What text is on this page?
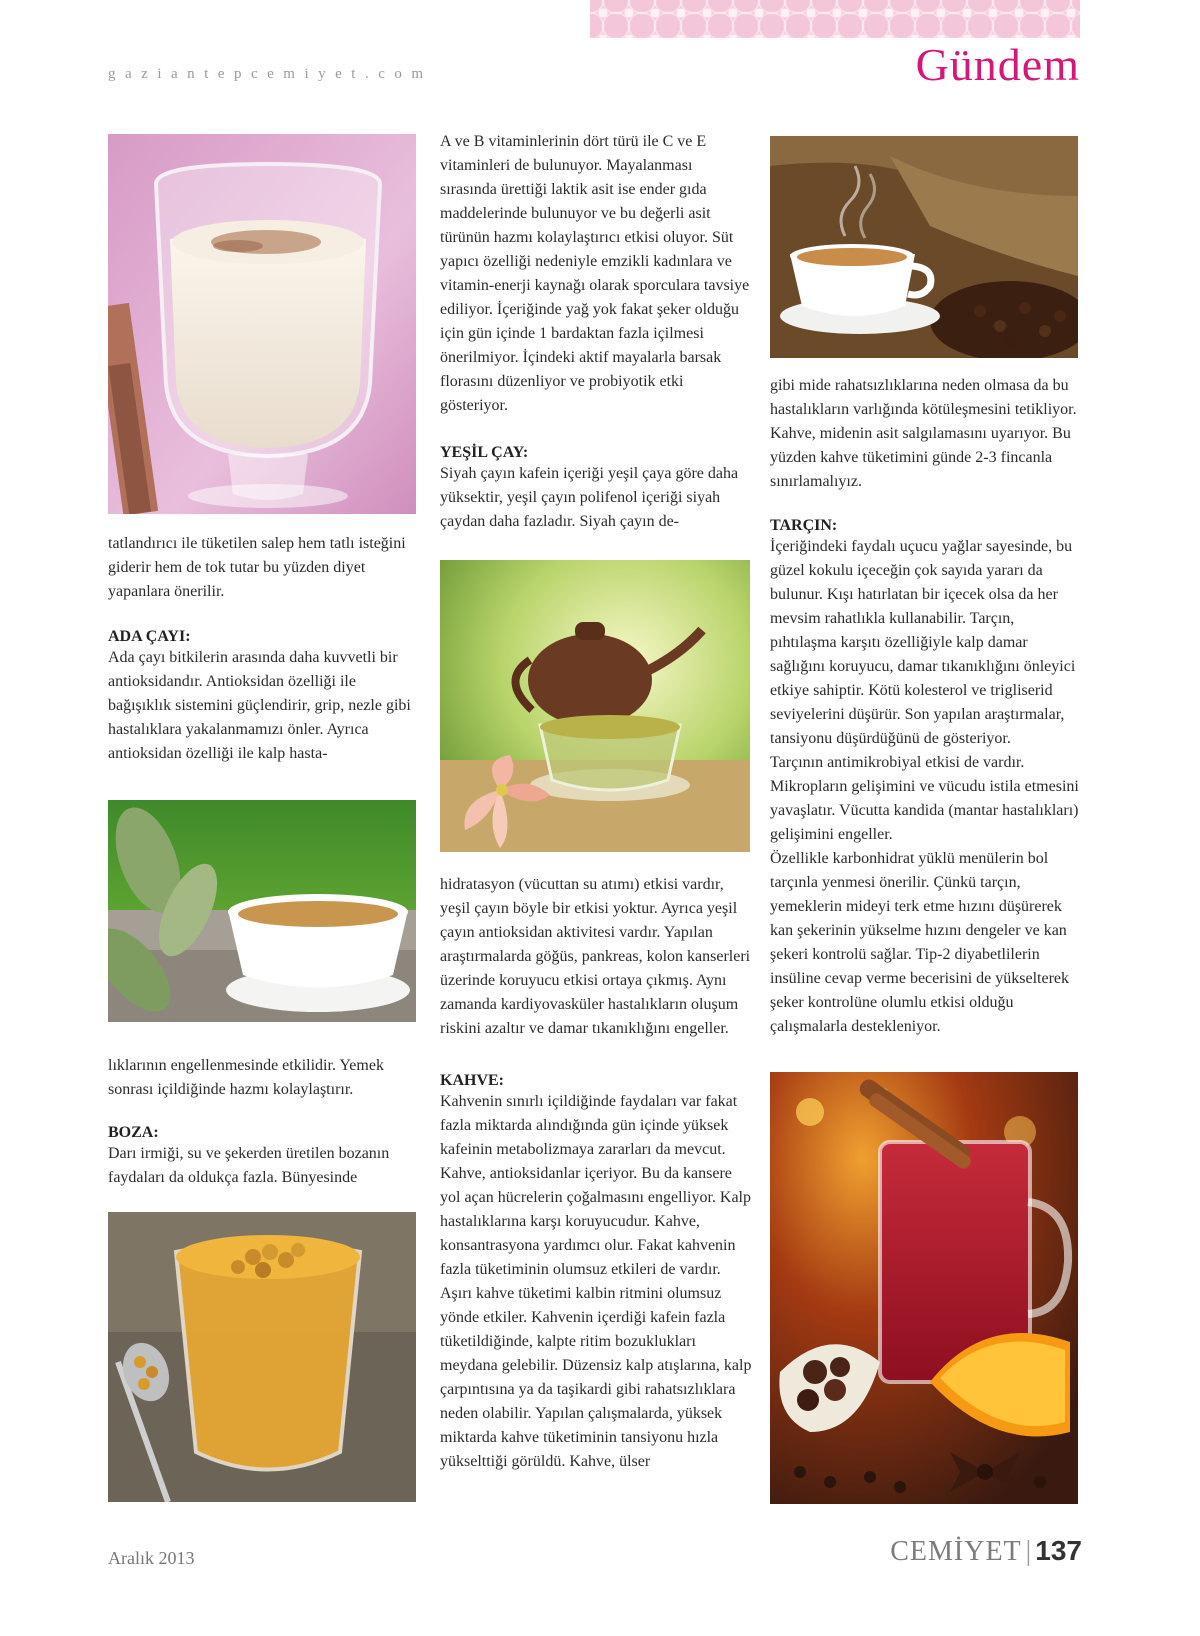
gaziantepcemiyet.com	Gündem
tatlandırıcı ile tüketilen salep hem tatlı isteğini giderir hem de tok tutar bu yüzden diyet yapanlara önerilir.
ADA ÇAYI:
Ada çayı bitkilerin arasında daha kuvvetli bir antioksidandır. Antioksidan özelliği ile bağışıklık sistemini güçlendirir, grip, nezle gibi hastalıklara yakalanmamızı önler. Ayrıca antioksidan özelliği ile kalp hasta-
lıklarının engellenmesinde etkilidir. Yemek sonrası içildiğinde hazmı kolaylaştırır.
BOZA:
Darı irmiği, su ve şekerden üretilen bozanın faydaları da oldukça fazla. Bünyesinde
A ve B vitaminlerinin dört türü ile C ve E vitaminleri de bulunuyor. Mayalanması sırasında ürettiği laktik asit ise ender gıda maddelerinde bulunuyor ve bu değerli asit türünün hazmı kolaylaştırıcı etkisi oluyor. Süt yapıcı özelliği nedeniyle emzikli kadınlara ve vitamin-enerji kaynağı olarak sporculara tavsiye ediliyor. İçeriğinde yağ yok fakat şeker olduğu için gün içinde 1 bardaktan fazla içilmesi önerilmiyor. İçindeki aktif mayalarla barsak florasını düzenliyor ve probiyotik etki gösteriyor.
YEŞİL ÇAY:
Siyah çayın kafein içeriği yeşil çaya göre daha yüksektir, yeşil çayın polifenol içeriği siyah çaydan daha fazladır. Siyah çayın de-
hidratasyon (vücuttan su atımı) etkisi vardır, yeşil çayın böyle bir etkisi yoktur. Ayrıca yeşil çayın antioksidan aktivitesi vardır. Yapılan araştırmalarda göğüs, pankreas, kolon kanserleri üzerinde koruyucu etkisi ortaya çıkmış. Aynı zamanda kardiyovasküler hastalıkların oluşum riskini azaltır ve damar tıkanıklığını engeller.
KAHVE:
Kahvenin sınırlı içildiğinde faydaları var fakat fazla miktarda alındığında gün içinde yüksek kafeinin metabolizmaya zararları da mevcut. Kahve, antioksidanlar içeriyor. Bu da kansere yol açan hücrelerin çoğalmasını engelliyor. Kalp hastalıklarına karşı koruyucudur. Kahve, konsantrasyona yardımcı olur. Fakat kahvenin fazla tüketiminin olumsuz etkileri de vardır. Aşırı kahve tüketimi kalbin ritmini olumsuz yönde etkiler. Kahvenin içerdiği kafein fazla tüketildiğinde, kalpte ritim bozuklukları meydana gelebilir. Düzensiz kalp atışlarına, kalp çarpıntısına ya da taşikardi gibi rahatsızlıklara neden olabilir. Yapılan çalışmalarda, yüksek miktarda kahve tüketiminin tansiyonu hızla yükselttiği görüldü. Kahve, ülser
gibi mide rahatsızlıklarına neden olmasa da bu hastalıkların varlığında kötüleşmesini tetikliyor. Kahve, midenin asit salgılamasını uyarıyor. Bu yüzden kahve tüketimini günde 2-3 fincanla sınırlamalıyız.
TARÇIN:

İçeriğindeki faydalı uçucu yağlar sayesinde, bu güzel kokulu içeceğin çok sayıda yararı da bulunur. Kışı hatırlatan bir içecek olsa da her mevsim rahatlıkla kullanabilir. Tarçın, pıhtılaşma karşıtı özelliğiyle kalp damar sağlığını koruyucu, damar tıkanıklığını önleyici etkiye sahiptir. Kötü kolesterol ve trigliserid seviyelerini düşürür. Son yapılan araştırmalar, tansiyonu düşürdüğünü de gösteriyor.

Tarçının antimikrobiyal etkisi de vardır. Mikropların gelişimini ve vücudu istila etmesini yavaşlatır. Vücutta kandida (mantar hastalıkları) gelişimini engeller.

Özellikle karbonhidrat yüklü menülerin bol tarçınla yenmesi önerilir. Çünkü tarçın, yemeklerin mideyi terk etme hızını düşürerek kan şekerinin yükselme hızını dengeler ve kan şekeri kontrolü sağlar. Tip-2 diyabetlilerin insüline cevap verme becerisini de yükselterek şeker kontrolüne olumlu etkisi olduğu çalışmalarla destekleniyor.

Aralık 2013	CEMİYET | 137
